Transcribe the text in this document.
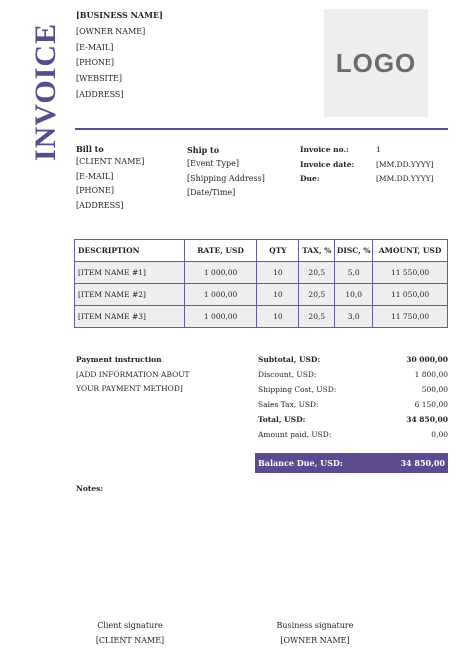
INVOICE
[BUSINESS NAME]
[OWNER NAME]
[E-MAIL]
[PHONE]
[WEBSITE]
[ADDRESS]
LOGO
Bill to
[CLIENT NAME]
[E-MAIL]
[PHONE]
[ADDRESS]
Ship to
[Event Type]
[Shipping Address]
[Date/Time]
Invoice no.:	1
Invoice date:	[MM.DD.YYYY]
Due:	[MM.DD.YYYY]
DESCRIPTION	RATE, USD	QTY	TAX, %	DISC, %	AMOUNT, USD
[ITEM NAME #1]	1 000,00	10	20,5	5,0	11 550,00
[ITEM NAME #2]	1 000,00	10	20,5	10,0	11 050,00
[ITEM NAME #3]	1 000,00	10	20,5	3,0	11 750,00
Payment instruction
[ADD INFORMATION ABOUT
YOUR PAYMENT METHOD]
Subtotal, USD:	30 000,00
Discount, USD:	1 800,00
Shipping Cost, USD:	500,00
Sales Tax, USD:	6 150,00
Total, USD:	34 850,00
Amount paid, USD:	0,00
Balance Due, USD:	34 850,00
Notes:
Client signature
[CLIENT NAME]
Business signature
[OWNER NAME]
